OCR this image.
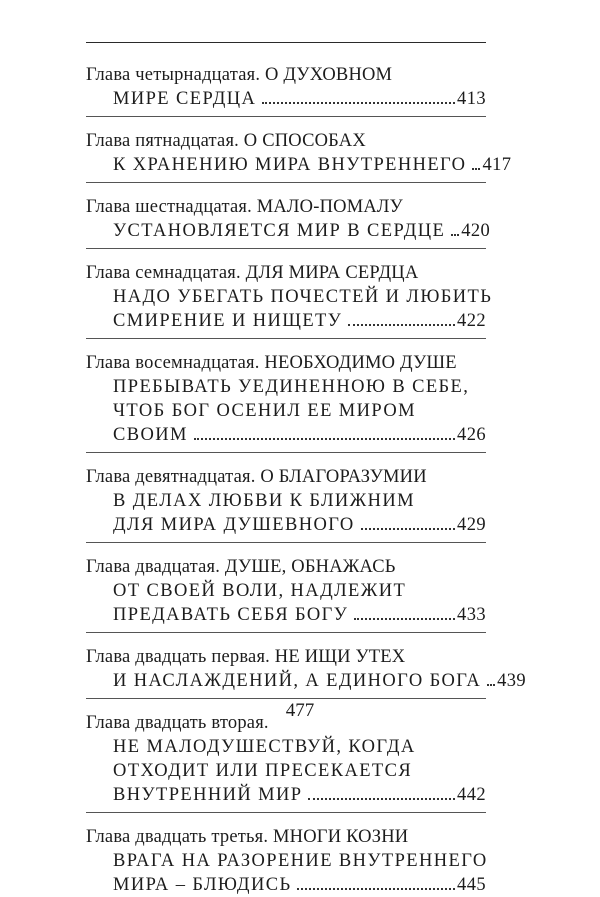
Глава четырнадцатая. О ДУХОВНОМ
МИРЕ СЕРДЦА	413
Глава пятнадцатая. О СПОСОБАХ
К ХРАНЕНИЮ МИРА ВНУТРЕННЕГО 417
Глава шестнадцатая. МАЛО-ПОМАЛУ
УСТАНОВЛЯЕТСЯ МИР В СЕРДЦЕ 420
Глава семнадцатая. ДЛЯ МИРА СЕРДЦА
НАДО УБЕГАТЬ ПОЧЕСТЕЙ И ЛЮБИТЬ
СМИРЕНИЕ И НИЩЕТУ	422
Глава восемнадцатая. НЕОБХОДИМО ДУШЕ
ПРЕБЫВАТЬ УЕДИНЕННОЮ В СЕБЕ,
ЧТОБ БОГ ОСЕНИЛ ЕЕ МИРОМ
СВОИМ	426
Глава девятнадцатая. О БЛАГОРАЗУМИИ
В ДЕЛАХ ЛЮБВИ К БЛИЖНИМ
ДЛЯ МИРА ДУШЕВНОГО	429
Глава двадцатая. ДУШЕ, ОБНАЖАСЬ
ОТ СВОЕЙ ВОЛИ, НАДЛЕЖИТ
ПРЕДАВАТЬ СЕБЯ БОГУ	433
Глава двадцать первая. НЕ ИЩИ УТЕХ
И НАСЛАЖДЕНИЙ, А ЕДИНОГО БОГА 439
Глава двадцать вторая.
НЕ МАЛОДУШЕСТВУЙ, КОГДА
ОТХОДИТ ИЛИ ПРЕСЕКАЕТСЯ
ВНУТРЕННИЙ МИР	442
Глава двадцать третья. МНОГИ КОЗНИ
ВРАГА НА РАЗОРЕНИЕ ВНУТРЕННЕГО
МИРА – БЛЮДИСЬ	445
477
